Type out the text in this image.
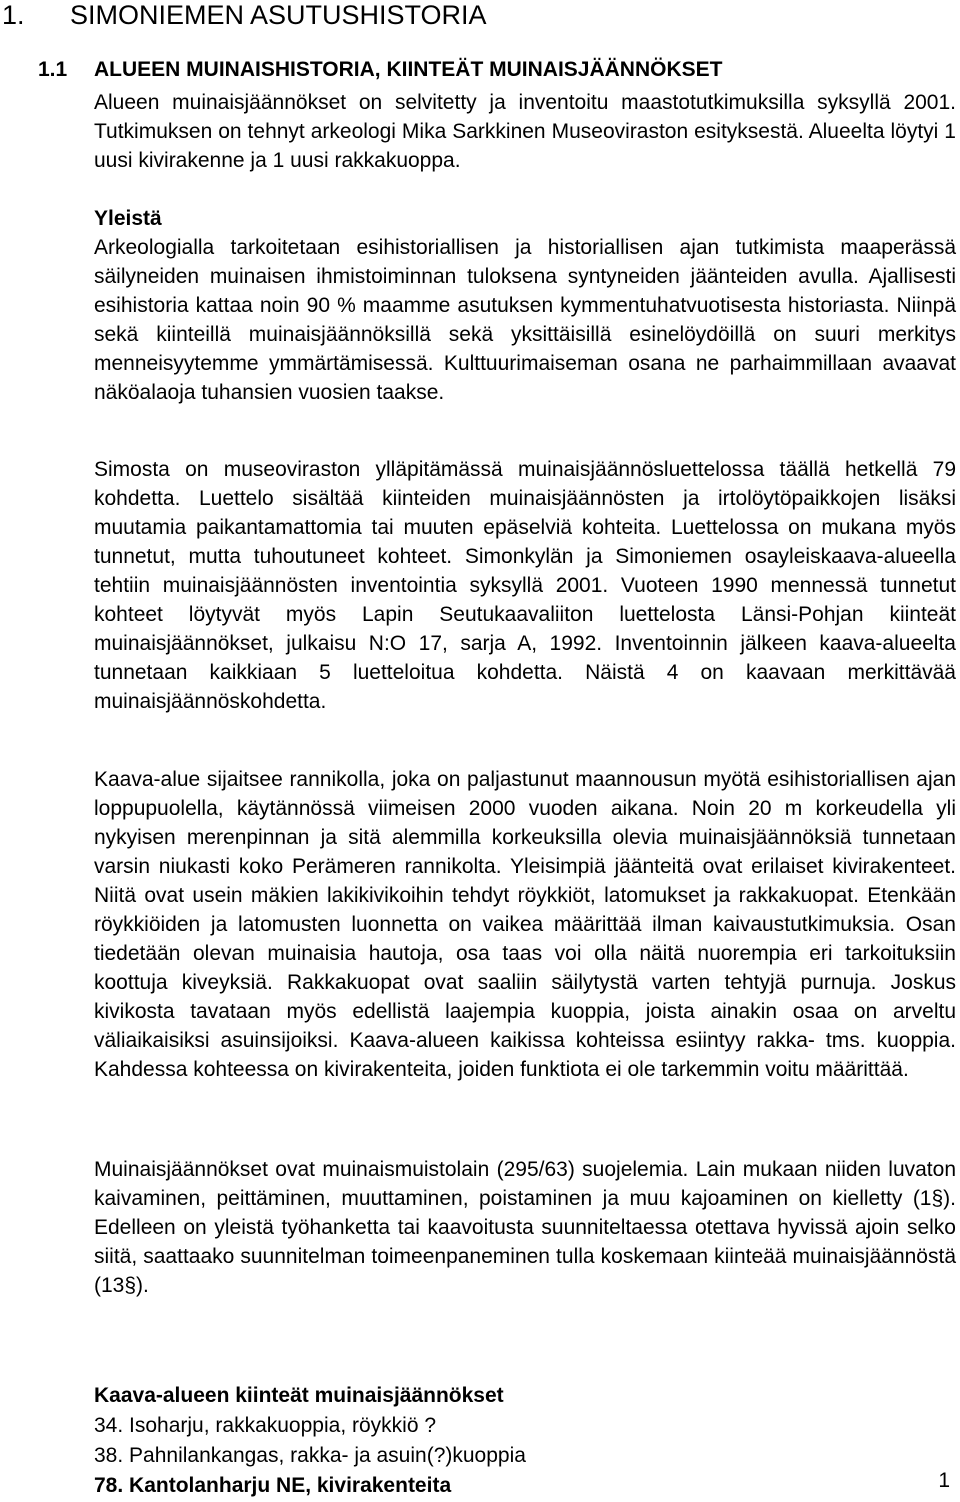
1. SIMONIEMEN ASUTUSHISTORIA
1.1 ALUEEN MUINAISHISTORIA, KIINTEÄT MUINAISJÄÄNNÖKSET

Alueen muinaisjäännökset on selvitetty ja inventoitu maastotutkimuksilla syksyllä 2001. Tutkimuksen on tehnyt arkeologi Mika Sarkkinen Museoviraston esityksestä. Alueelta löytyi 1 uusi kivirakenne ja 1 uusi rakkakuoppa.

Yleistä

Arkeologialla tarkoitetaan esihistoriallisen ja historiallisen ajan tutkimista maaperässä säilyneiden muinaisen ihmistoiminnan tuloksena syntyneiden jäänteiden avulla. Ajallisesti esihistoria kattaa noin 90 % maamme asutuksen kymmentuhatvuotisesta historiasta. Niinpä sekä kiinteillä muinaisjäännöksillä sekä yksittäisillä esinelöydöillä on suuri merkitys menneisyytemme ymmärtämisessä. Kulttuurimaiseman osana ne parhaimmillaan avaavat näköalaoja tuhansien vuosien taakse.

Simosta on museoviraston ylläpitämässä muinaisjäännösluettelossa täällä hetkellä 79 kohdetta. Luettelo sisältää kiinteiden muinaisjäännösten ja irtolöytöpaikkojen lisäksi muutamia paikantamattomia tai muuten epäselviä kohteita. Luettelossa on mukana myös tunnetut, mutta tuhoutuneet kohteet. Simonkylän ja Simoniemen osayleiskaava-alueella tehtiin muinaisjäännösten inventointia syksyllä 2001. Vuoteen 1990 mennessä tunnetut kohteet löytyvät myös Lapin Seutukaavaliiton luettelosta Länsi-Pohjan kiinteät muinaisjäännökset, julkaisu N:O 17, sarja A, 1992. Inventoinnin jälkeen kaava-alueelta tunnetaan kaikkiaan 5 luetteloitua kohdetta. Näistä 4 on kaavaan merkittävää muinaisjäännöskohdetta.

Kaava-alue sijaitsee rannikolla, joka on paljastunut maannousun myötä esihistoriallisen ajan loppupuolella, käytännössä viimeisen 2000 vuoden aikana. Noin 20 m korkeudella yli nykyisen merenpinnan ja sitä alemmilla korkeuksilla olevia muinaisjäännöksiä tunnetaan varsin niukasti koko Perämeren rannikolta. Yleisimpiä jäänteitä ovat erilaiset kivirakenteet. Niitä ovat usein mäkien lakikivikoihin tehdyt röykkiöt, latomukset ja rakkakuopat. Etenkään röykkiöiden ja latomusten luonnetta on vaikea määrittää ilman kaivaustutkimuksia. Osan tiedetään olevan muinaisia hautoja, osa taas voi olla näitä nuorempia eri tarkoituksiin koottuja kiveyksiä. Rakkakuopat ovat saaliin säilytystä varten tehtyjä purnuja. Joskus kivikosta tavataan myös edellistä laajempia kuoppia, joista ainakin osaa on arveltu väliaikaisiksi asuinsijoiksi. Kaava-alueen kaikissa kohteissa esiintyy rakka- tms. kuoppia. Kahdessa kohteessa on kivirakenteita, joiden funktiota ei ole tarkemmin voitu määrittää.

Muinaisjäännökset ovat muinaismuistolain (295/63) suojelemia. Lain mukaan niiden luvaton kaivaminen, peittäminen, muuttaminen, poistaminen ja muu kajoaminen on kielletty (1§). Edelleen on yleistä työhanketta tai kaavoitusta suunniteltaessa otettava hyvissä ajoin selko siitä, saattaako suunnitelman toimeenpaneminen tulla koskemaan kiinteää muinaisjäännöstä (13§).

Kaava-alueen kiinteät muinaisjäännökset

34. Isoharju, rakkakuoppia, röykkiö ?

38. Pahnilankangas, rakka- ja asuin(?)kuoppia

78. Kantolanharju NE, kivirakenteita	1
